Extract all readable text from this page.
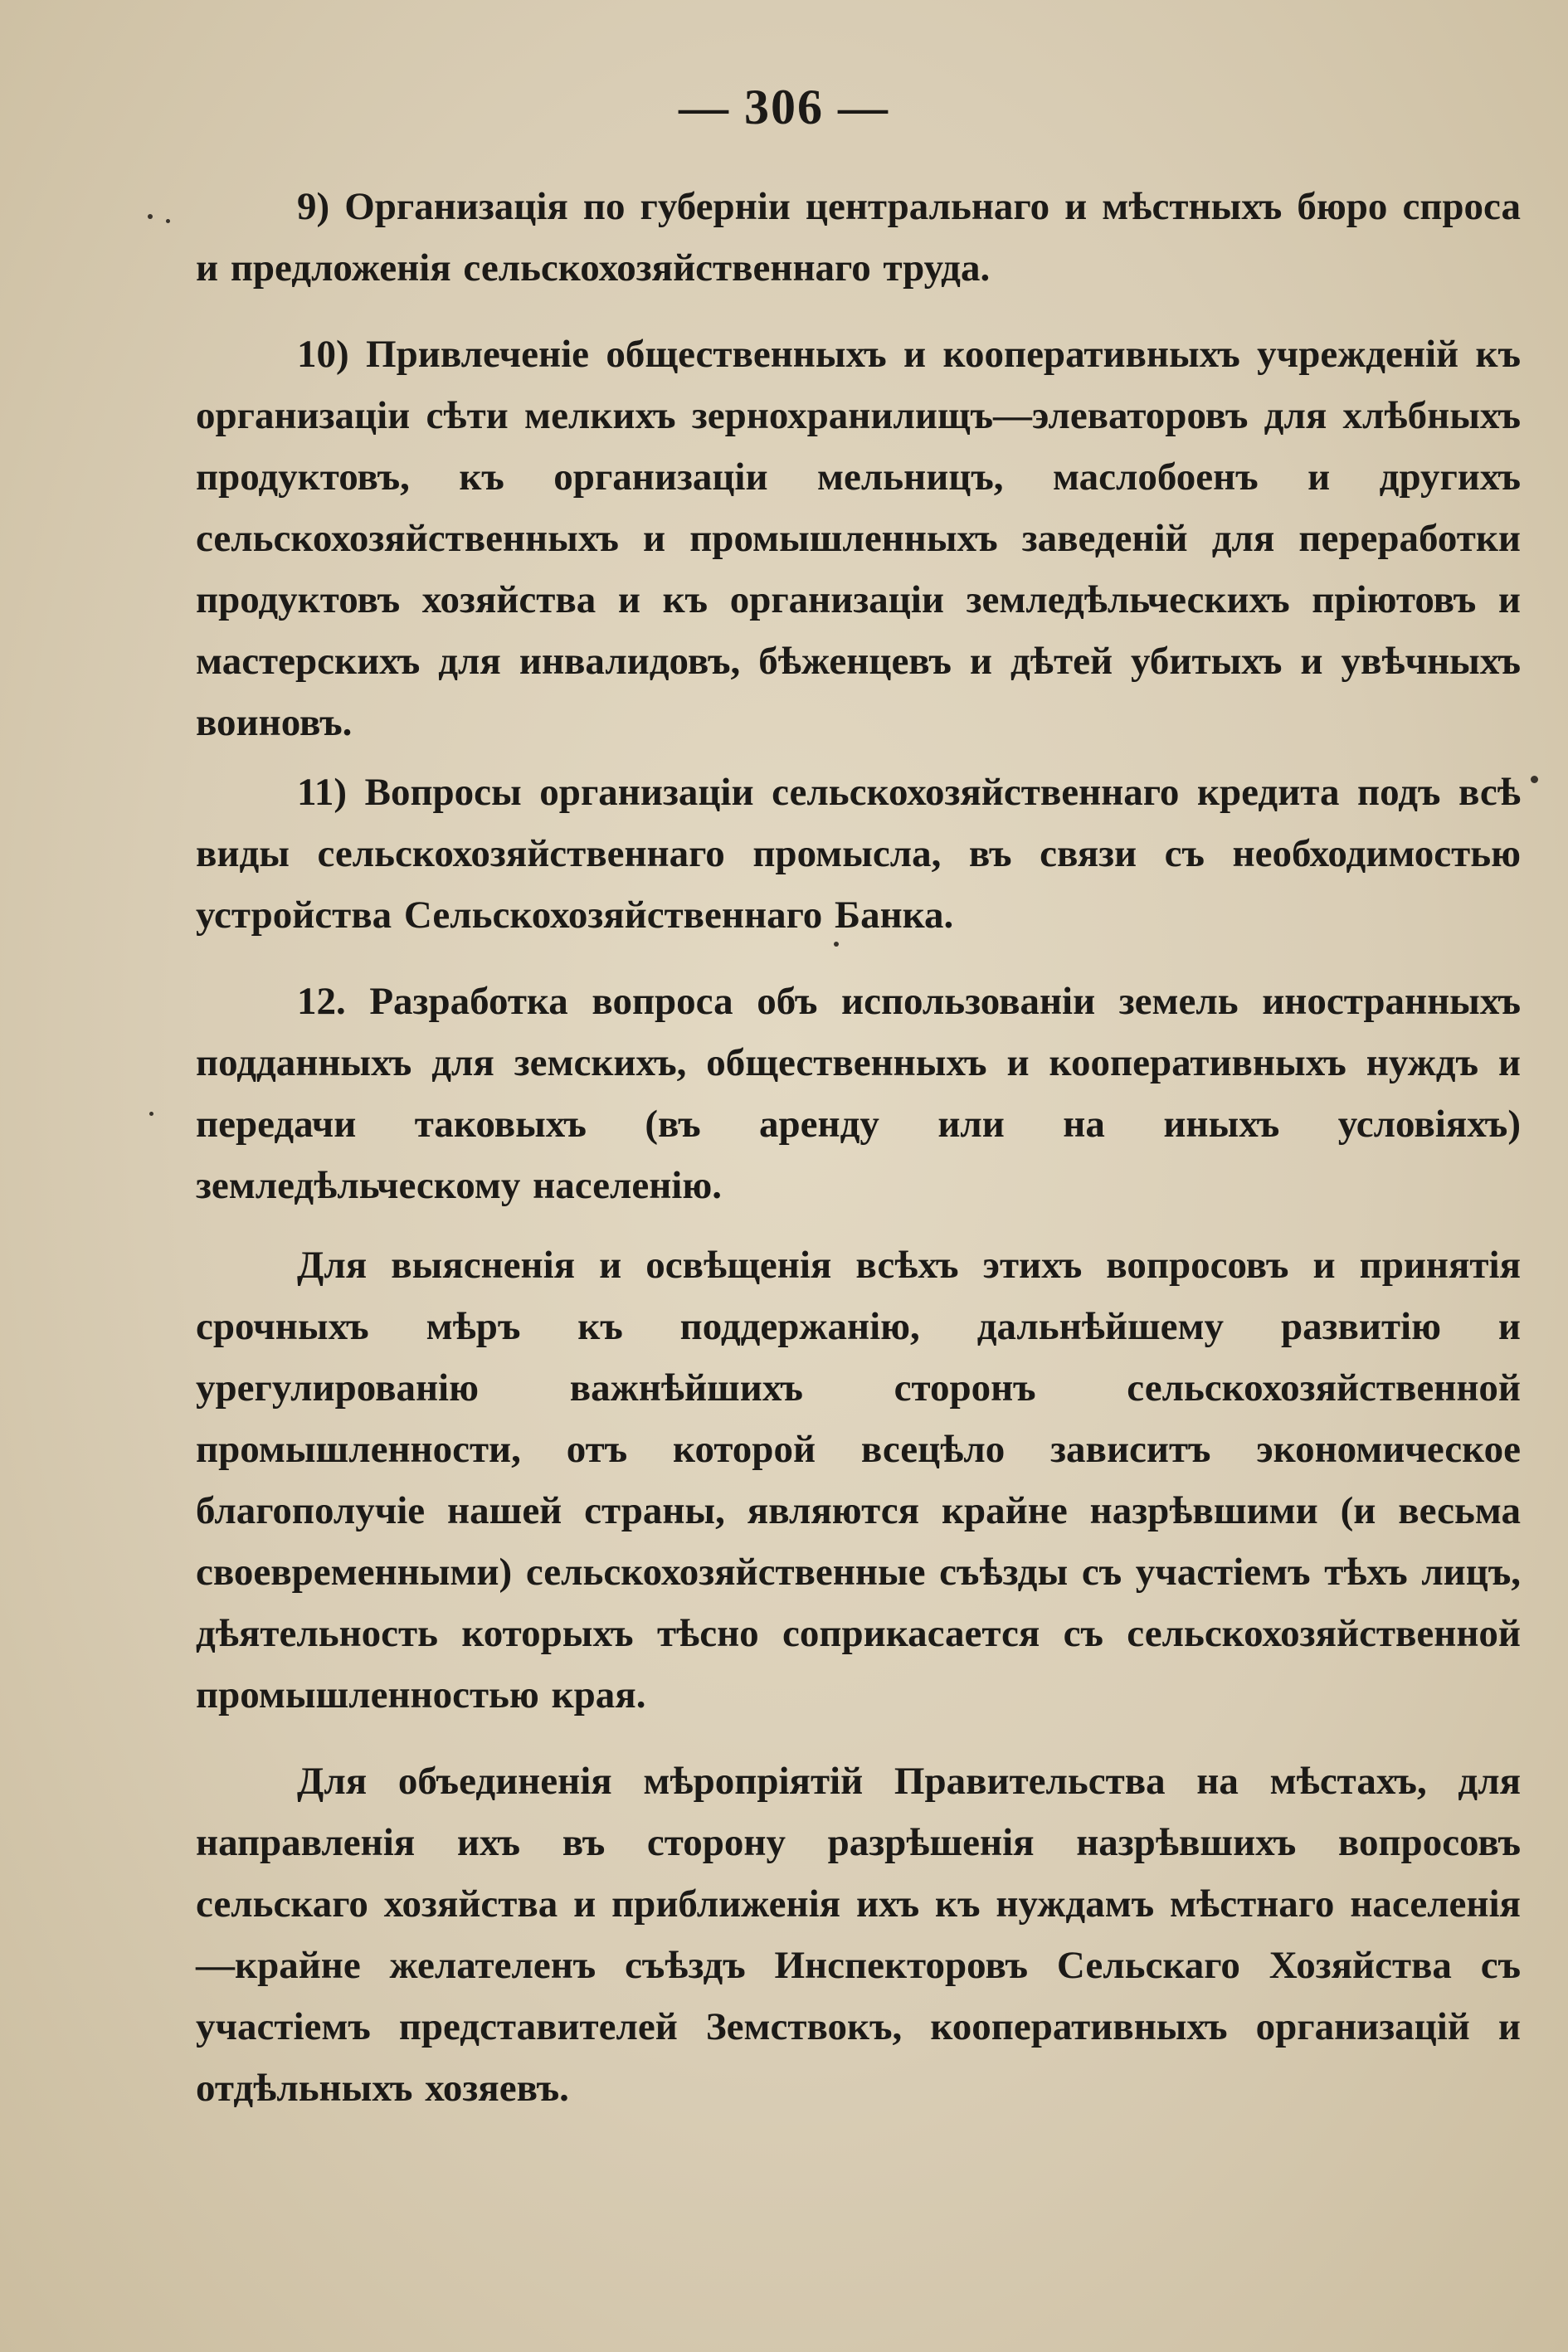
— 306 —

9) Организація по губерніи центральнаго и мѣстныхъ бюро спроса и предложенія сельскохозяйственнаго труда.

10) Привлеченіе общественныхъ и кооперативныхъ учрежденій къ организаціи сѣти мелкихъ зернохранилищъ—элеваторовъ для хлѣбныхъ продуктовъ, къ организаціи мельницъ, маслобоенъ и другихъ сельскохозяйственныхъ и промышленныхъ заведеній для переработки продуктовъ хозяйства и къ организаціи земледѣльческихъ пріютовъ и мастерскихъ для инвалидовъ, бѣженцевъ и дѣтей убитыхъ и увѣчныхъ воиновъ.

11) Вопросы организаціи сельскохозяйственнаго кредита подъ всѣ виды сельскохозяйственнаго промысла, въ связи съ необходимостью устройства Сельскохозяйственнаго Банка.

12. Разработка вопроса объ использованіи земель иностранныхъ подданныхъ для земскихъ, общественныхъ и кооперативныхъ нуждъ и передачи таковыхъ (въ аренду или на иныхъ условіяхъ) земледѣльческому населенію.

Для выясненія и освѣщенія всѣхъ этихъ вопросовъ и принятія срочныхъ мѣръ къ поддержанію, дальнѣйшему развитію и урегулированію важнѣйшихъ сторонъ сельскохозяйственной промышленности, отъ которой всецѣло зависитъ экономическое благополучіе нашей страны, являются крайне назрѣвшими (и весьма своевременными) сельскохозяйственные съѣзды съ участіемъ тѣхъ лицъ, дѣятельность которыхъ тѣсно соприкасается съ сельскохозяйственной промышленностью края.

Для объединенія мѣропріятій Правительства на мѣстахъ, для направленія ихъ въ сторону разрѣшенія назрѣвшихъ вопросовъ сельскаго хозяйства и приближенія ихъ къ нуждамъ мѣстнаго населенія—крайне желателенъ съѣздъ Инспекторовъ Сельскаго Хозяйства съ участіемъ представителей Земствокъ, кооперативныхъ организацій и отдѣльныхъ хозяевъ.
